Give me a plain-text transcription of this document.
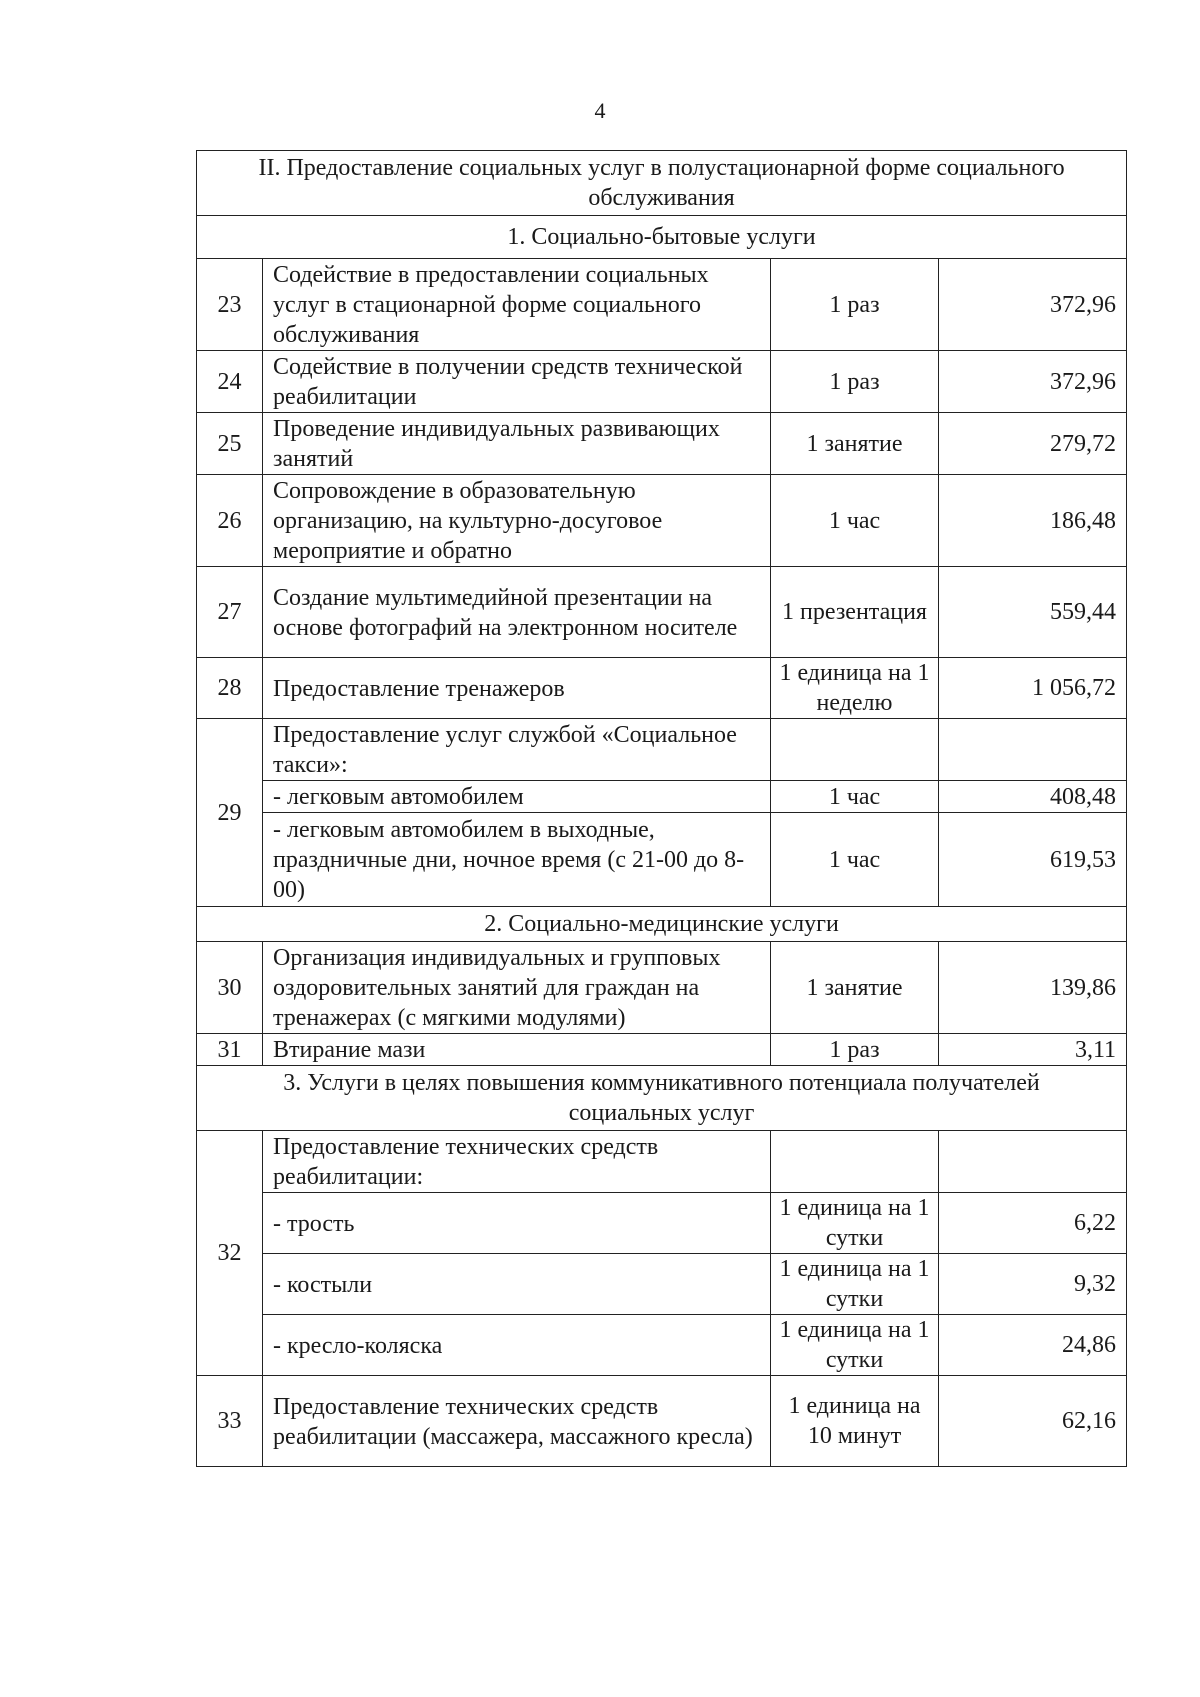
4
II. Предоставление социальных услуг в полустационарной форме социального обслуживания			
1. Социально-бытовые услуги			
23	Содействие в предоставлении социальных услуг в стационарной форме социального обслуживания	1 раз	372,96
24	Содействие в получении средств технической реабилитации	1 раз	372,96
25	Проведение индивидуальных развивающих занятий	1 занятие	279,72
26	Сопровождение в образовательную организацию, на культурно-досуговое мероприятие и обратно	1 час	186,48
27	Создание мультимедийной презентации на основе фотографий на электронном носителе	1 презентация	559,44
28	Предоставление тренажеров	1 единица на 1 неделю	1 056,72
29	Предоставление услуг службой «Социальное такси»:		
	- легковым автомобилем	1 час	408,48
	- легковым автомобилем в выходные, праздничные дни, ночное время (с 21-00 до 8-00)	1 час	619,53
2. Социально-медицинские услуги			
30	Организация индивидуальных и групповых оздоровительных занятий для граждан на тренажерах (с мягкими модулями)	1 занятие	139,86
31	Втирание мази	1 раз	3,11
3. Услуги в целях повышения коммуникативного потенциала получателей социальных услуг			
32	Предоставление технических средств реабилитации:		
	- трость	1 единица на 1 сутки	6,22
	- костыли	1 единица на 1 сутки	9,32
	- кресло-коляска	1 единица на 1 сутки	24,86
33	Предоставление технических средств реабилитации (массажера, массажного кресла)	1 единица на 10 минут	62,16
